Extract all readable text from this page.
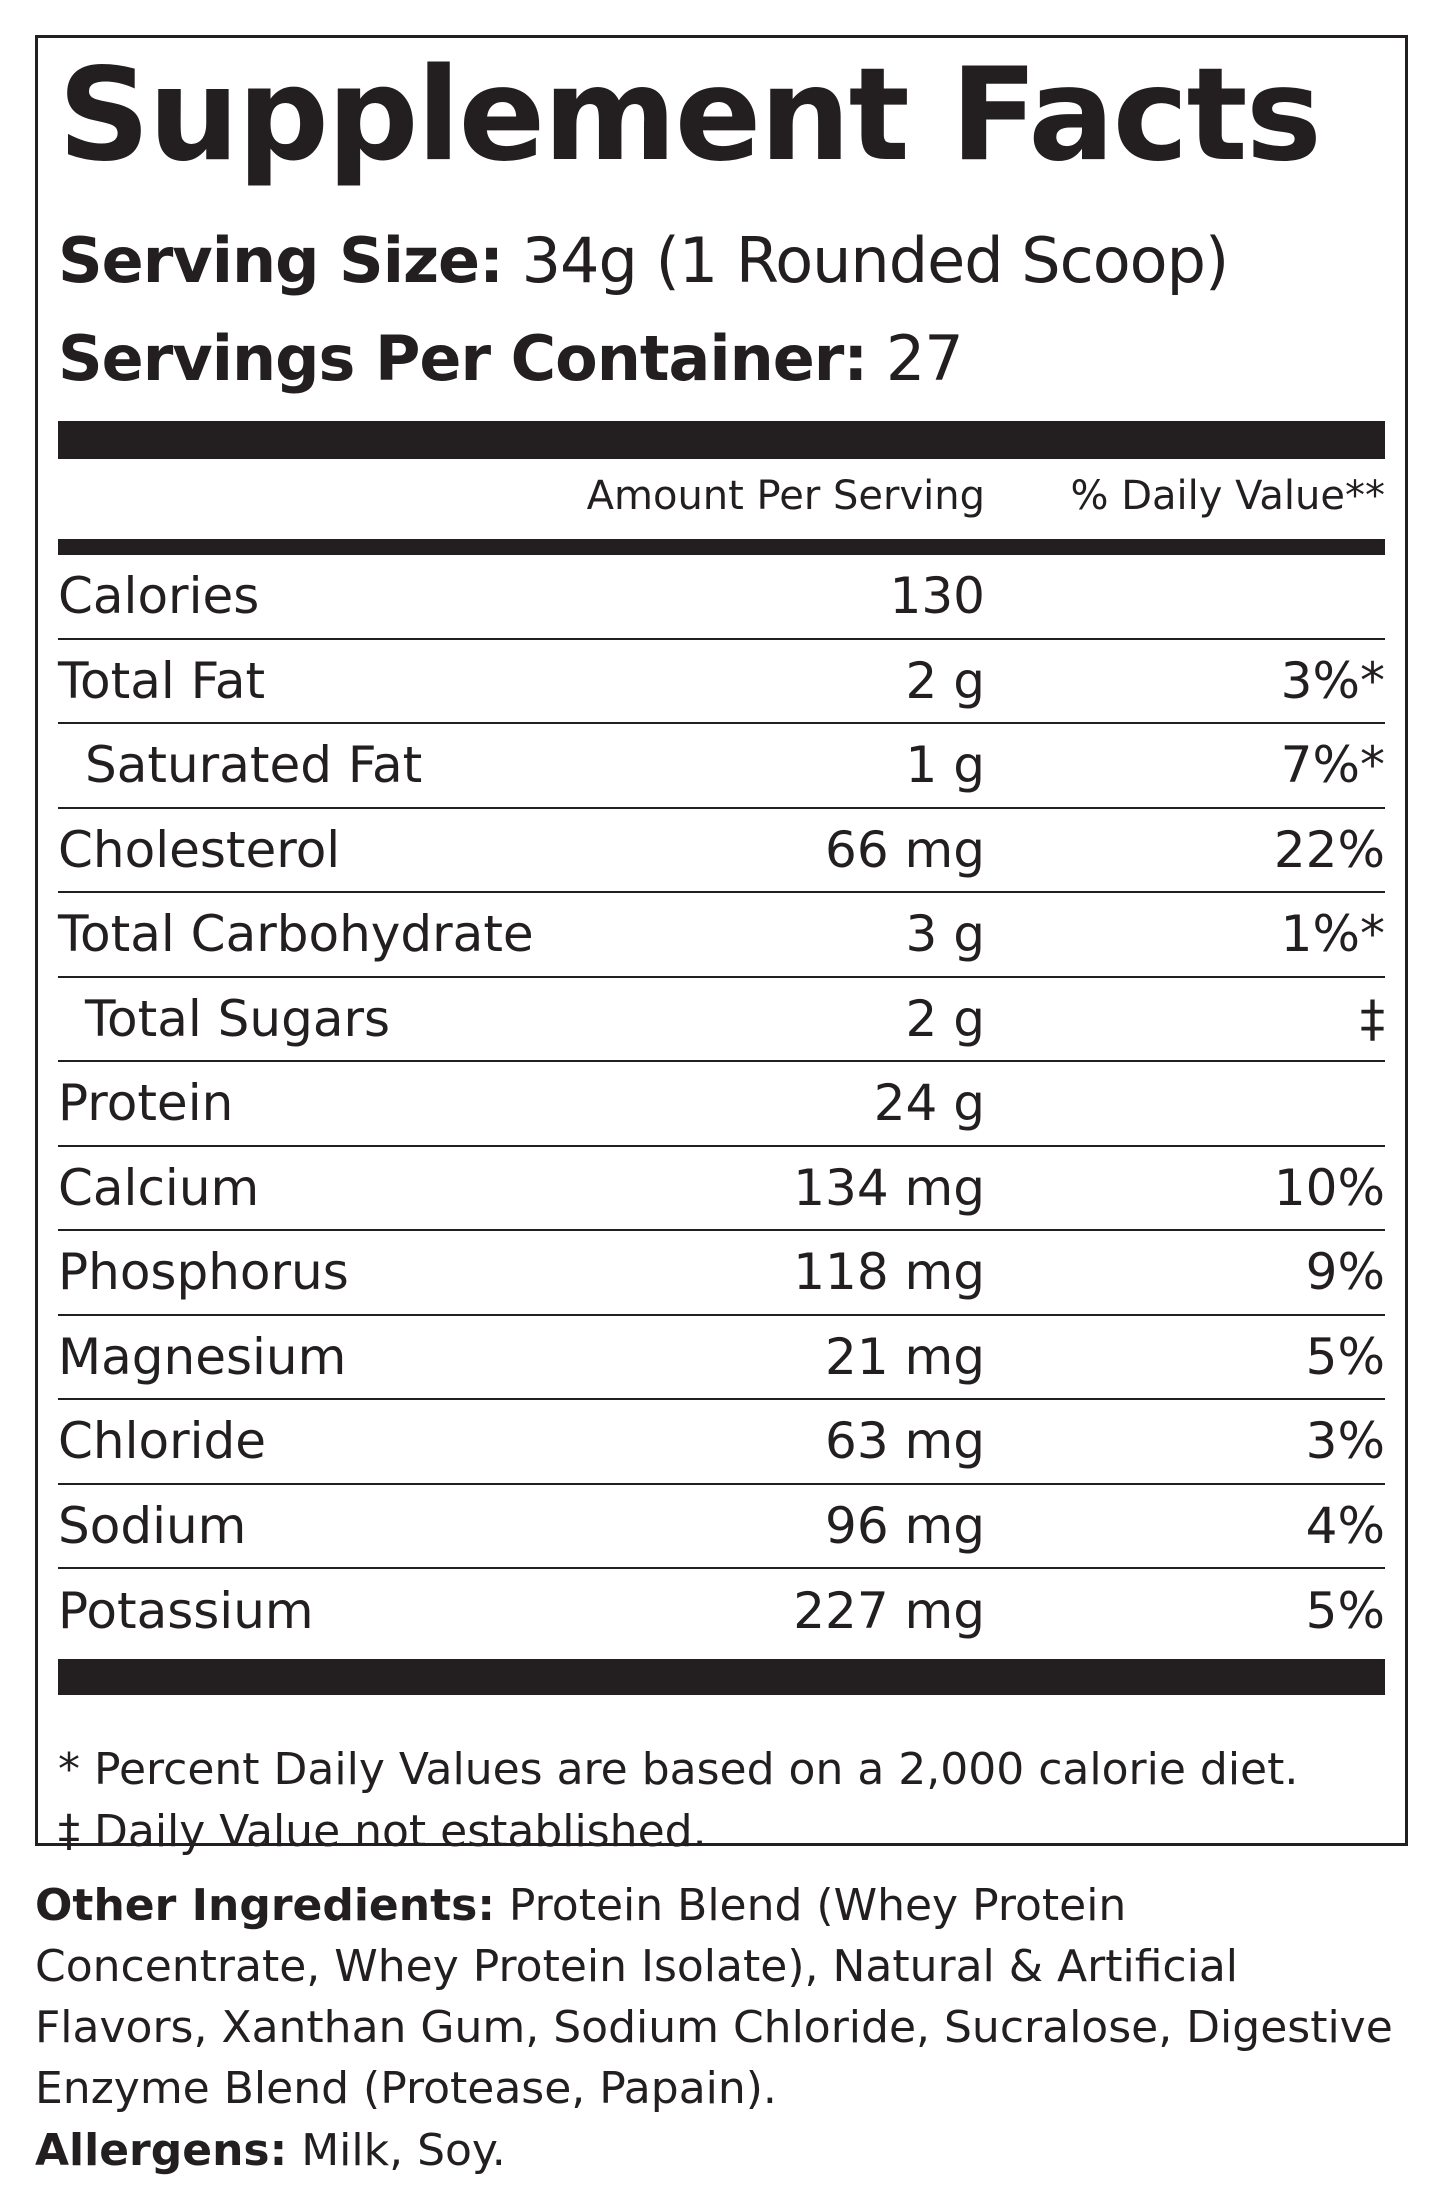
Supplement Facts
Serving Size: 34g (1 Rounded Scoop)
Servings Per Container: 27
Amount Per Serving % Daily Value**
Calories	130
Total Fat	2 g	3%*
Saturated Fat	1 g	7%*
Cholesterol	66 mg	22%
Total Carbohydrate	3 g	1%*
Total Sugars	2 g	‡
Protein	24 g
Calcium	134 mg	10%
Phosphorus	118 mg	9%
Magnesium	21 mg	5%
Chloride	63 mg	3%
Sodium	96 mg	4%
Potassium	227 mg	5%
* Percent Daily Values are based on a 2,000 calorie diet.
‡ Daily Value not established.
Other Ingredients: Protein Blend (Whey Protein Concentrate, Whey Protein Isolate), Natural & Artificial Flavors, Xanthan Gum, Sodium Chloride, Sucralose, Digestive Enzyme Blend (Protease, Papain).
Allergens: Milk, Soy.
